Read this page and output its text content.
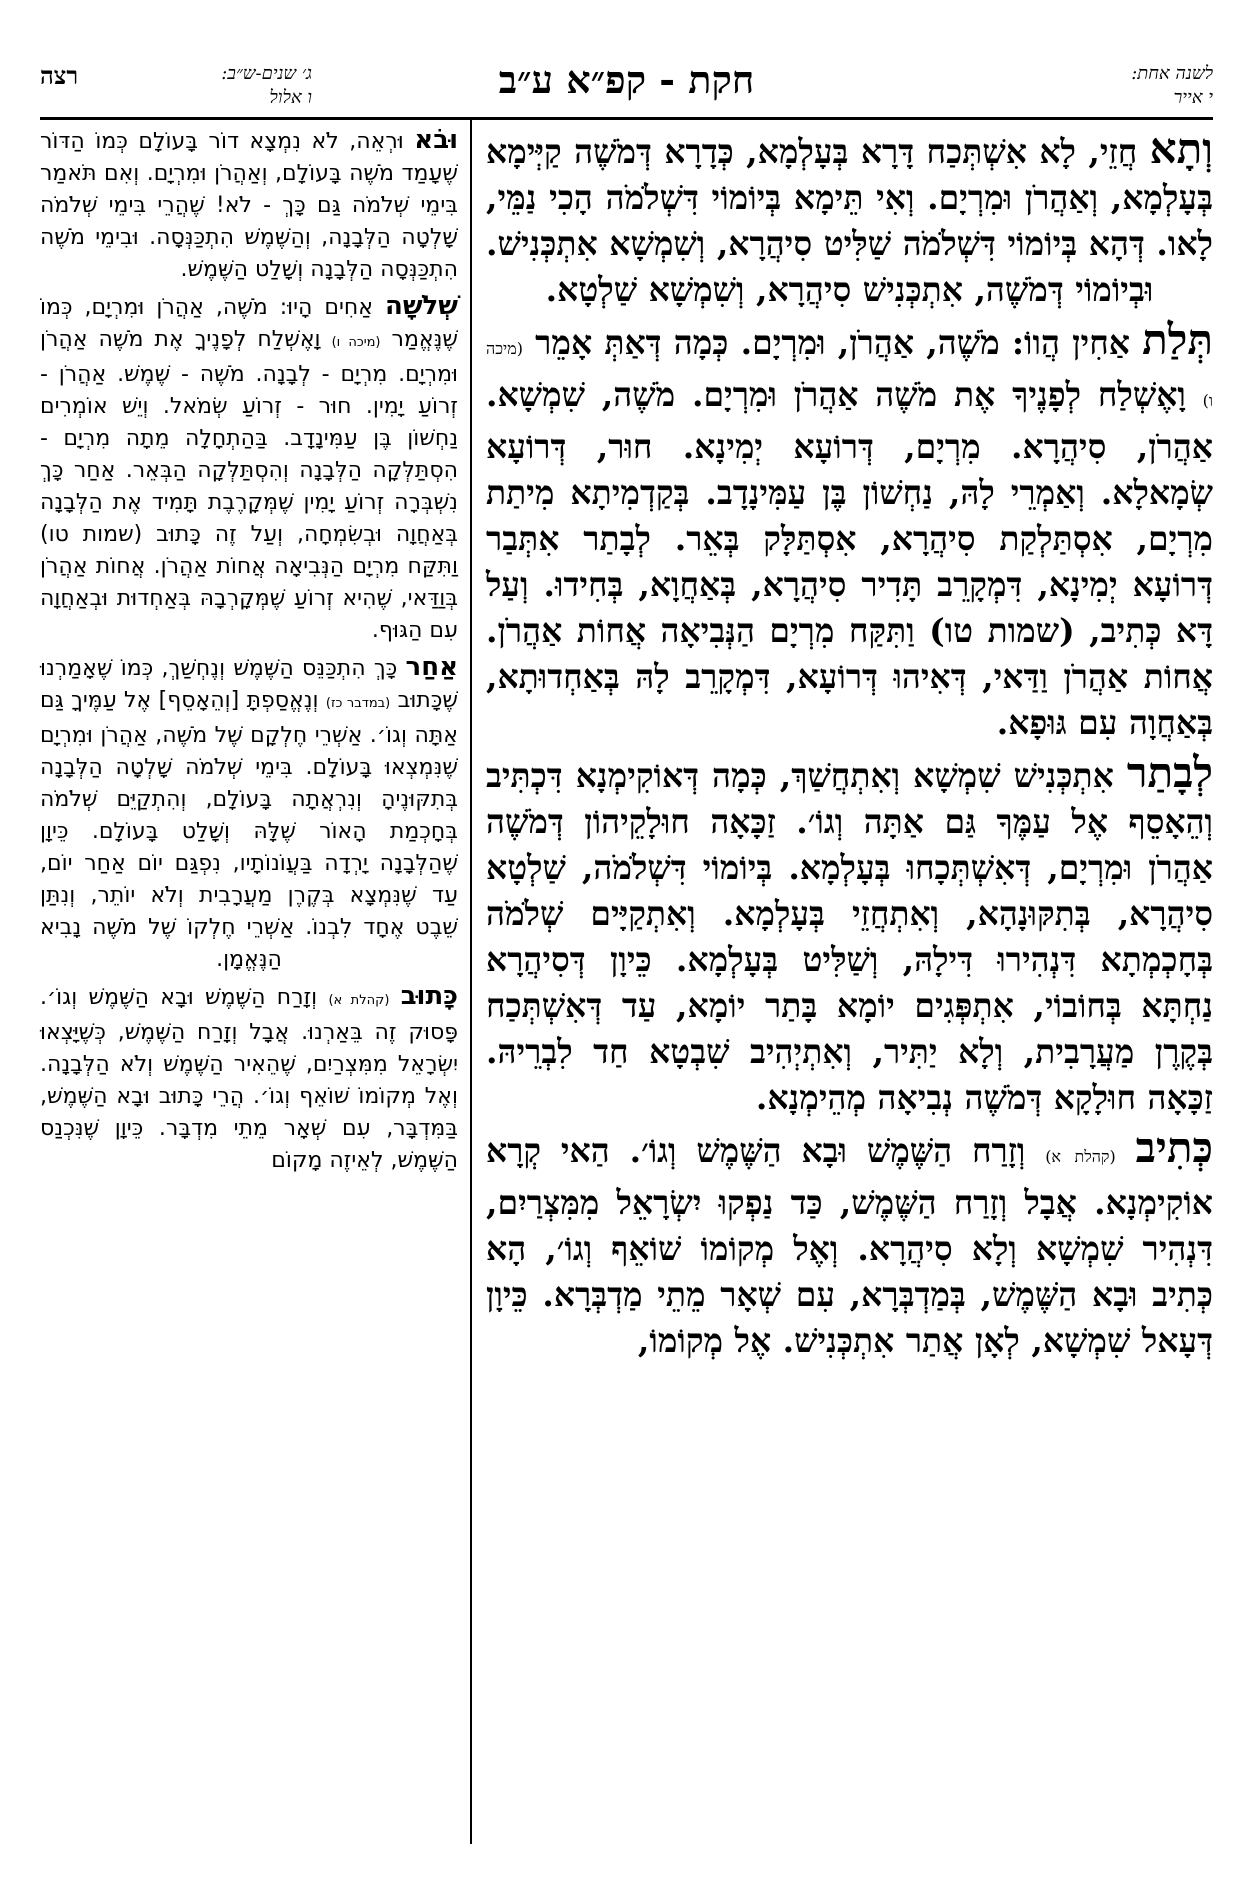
לשנה אחת:
י אייר
חקת - קפ״א ע״ב
ג׳ שנים-ש״ב:
ו אלול
רצה

וְתָא חֲזֵי, לָא אִשְׁתְּכַח דָּרָא בְּעָלְמָא, כְּדָרָא דְּמֹשֶׁה קַיְּימָא בְּעָלְמָא, וְאַהֲרֹן וּמִרְיָם. וְאִי תֵּימָא בְּיוֹמוֹי דִּשְׁלֹמֹה הָכִי נַמֵּי, לָאו. דְּהָא בְּיוֹמוֹי דִּשְׁלֹמֹה שַׁלִּיט סִיהֲרָא, וְשִׁמְשָׁא אִתְכְּנִישׁ. וּבְיוֹמוֹי דְּמֹשֶׁה, אִתְכְּנִישׁ סִיהֲרָא, וְשִׁמְשָׁא שַׁלְטָא.

תְּלַת אַחִין הֲווֹ: מֹשֶׁה, אַהֲרֹן, וּמִרְיָם. כְּמָה דְּאַתְּ אָמֵר (מיכה ו) וָאֶשְׁלַח לְפָנֶיךָ אֶת מֹשֶׁה אַהֲרֹן וּמִרְיָם. מֹשֶׁה, שִׁמְשָׁא. אַהֲרֹן, סִיהֲרָא. מִרְיָם, דְּרוֹעָא יְמִינָא. חוּר, דְּרוֹעָא שְׂמָאלָא. וְאַמְרֵי לָהּ, נַחְשׁוֹן בֶּן עַמִּינָדָב. בְּקַדְמִיתָא מִיתַת מִרְיָם, אִסְתַּלְקַת סִיהֲרָא, אִסְתַּלָּק בְּאֵר. לְבָתַר אִתְּבַר דְּרוֹעָא יְמִינָא, דִּמְקָרֵב תָּדִיר סִיהֲרָא, בְּאַחֲוָא, בְּחִידוּ. וְעַל דָּא כְּתִיב, (שמות טו) וַתִּקַּח מִרְיָם הַנְּבִיאָה אֲחוֹת אַהֲרֹן. אֲחוֹת אַהֲרֹן וַדַּאי, דְּאִיהוּ דְּרוֹעָא, דִּמְקָרֵב לָהּ בְּאַחְדוּתָא, בְּאַחֲוָה עִם גּוּפָא.

לְבָתַר אִתְכְּנִישׁ שִׁמְשָׁא וְאִתְחֲשַׁךְ, כְּמָה דְּאוֹקִימְנָא דִּכְתִּיב וְהֵאָסֵף אֶל עַמֶּךָ גַּם אַתָּה וְגוֹ׳. זַכָּאָה חוּלָקֵיהוֹן דְּמֹשֶׁה אַהֲרֹן וּמִרְיָם, דְּאִשְׁתְּכָחוּ בְּעָלְמָא. בְּיוֹמוֹי דִּשְׁלֹמֹה, שַׁלְטָא סִיהֲרָא, בְּתִקּוּנָהָא, וְאִתְחֲזֵי בְּעָלְמָא. וְאִתְקַיָּים שְׁלֹמֹה בְּחָכְמְתָא דִּנְהִירוּ דִּילָהּ, וְשַׁלִּיט בְּעָלְמָא. כֵּיוָן דְּסִיהֲרָא נַחְתָּא בְּחוֹבוֹי, אִתְפְּגִים יוֹמָא בָּתַר יוֹמָא, עַד דְּאִשְׁתְּכַח בְּקֶרֶן מַעֲרָבִית, וְלָא יַתִּיר, וְאִתְיְהִיב שִׁבְטָא חַד לִבְרֵיהּ. זַכָּאָה חוּלָקָא דְּמֹשֶׁה נְבִיאָה מְהֵימְנָא.

כְּתִיב (קהלת א) וְזָרַח הַשֶּׁמֶשׁ וּבָא הַשֶּׁמֶשׁ וְגוֹ׳. הַאי קְרָא אוֹקִימְנָא. אֲבָל וְזָרַח הַשֶּׁמֶשׁ, כַּד נַפְקוּ יִשְׂרָאֵל מִמִּצְרַיִם, דִּנְהִיר שִׁמְשָׁא וְלָא סִיהֲרָא. וְאֶל מְקוֹמוֹ שׁוֹאֵף וְגוֹ׳, הָא כְּתִיב וּבָא הַשֶּׁמֶשׁ, בְּמַדְבְּרָא, עִם שְׁאָר מֵתֵי מַדְבְּרָא. כֵּיוָן דְּעָאל שִׁמְשָׁא, לְאָן אֲתַר אִתְכְּנִישׁ. אֶל מְקוֹמוֹ,

וּבֹא וּרְאֵה, לֹא נִמְצָא דוֹר בָּעוֹלָם כְּמוֹ הַדּוֹר שֶׁעָמַד מֹשֶׁה בָּעוֹלָם, וְאַהֲרֹן וּמִרְיָם. וְאִם תֹּאמַר בִּימֵי שְׁלֹמֹה גַּם כָּךְ - לֹא! שֶׁהֲרֵי בִּימֵי שְׁלֹמֹה שָׁלְטָה הַלְּבָנָה, וְהַשֶּׁמֶשׁ הִתְכַּנְּסָה. וּבִימֵי מֹשֶׁה הִתְכַּנְּסָה הַלְּבָנָה וְשָׁלַט הַשֶּׁמֶשׁ.

שְׁלֹשָׁה אַחִים הָיוּ: מֹשֶׁה, אַהֲרֹן וּמִרְיָם, כְּמוֹ שֶׁנֶּאֱמַר (מיכה ו) וָאֶשְׁלַח לְפָנֶיךָ אֶת מֹשֶׁה אַהֲרֹן וּמִרְיָם. מִרְיָם - לְבָנָה. מֹשֶׁה - שֶׁמֶשׁ. אַהֲרֹן - זְרוֹעַ יָמִין. חוּר - זְרוֹעַ שְׂמֹאל. וְיֵשׁ אוֹמְרִים נַחְשׁוֹן בֶּן עַמִּינָדָב. בַּהַתְחָלָה מֵתָה מִרְיָם - הִסְתַּלְּקָה הַלְּבָנָה וְהִסְתַּלְּקָה הַבְּאֵר. אַחַר כָּךְ נִשְׁבְּרָה זְרוֹעַ יָמִין שֶׁמְּקָרֶבֶת תָּמִיד אֶת הַלְּבָנָה בְּאַחֲוָה וּבְשִׂמְחָה, וְעַל זֶה כָּתוּב (שמות טו) וַתִּקַּח מִרְיָם הַנְּבִיאָה אֲחוֹת אַהֲרֹן. אֲחוֹת אַהֲרֹן בְּוַדַּאי, שֶׁהִיא זְרוֹעַ שֶׁמְּקָרְבָהּ בְּאַחְדוּת וּבְאַחֲוָה עִם הַגּוּף.

אַחַר כָּךְ הִתְכַּנֵּס הַשֶּׁמֶשׁ וְנֶחְשַׁךְ, כְּמוֹ שֶׁאָמַרְנוּ שֶׁכָּתוּב (במדבר כז) וְנֶאֱסַפְתָּ [וְהֵאָסֵף] אֶל עַמֶּיךָ גַּם אַתָּה וְגוֹ׳. אַשְׁרֵי חֶלְקָם שֶׁל מֹשֶׁה, אַהֲרֹן וּמִרְיָם שֶׁנִּמְצְאוּ בָּעוֹלָם. בִּימֵי שְׁלֹמֹה שָׁלְטָה הַלְּבָנָה בְּתִקּוּנֶיהָ וְנִרְאֲתָה בָּעוֹלָם, וְהִתְקַיֵּם שְׁלֹמֹה בְּחָכְמַת הָאוֹר שֶׁלָּהּ וְשָׁלַט בָּעוֹלָם. כֵּיוָן שֶׁהַלְּבָנָה יָרְדָה בַּעֲוֺנוֹתָיו, נִפְגַּם יוֹם אַחַר יוֹם, עַד שֶׁנִּמְצָא בְּקֶרֶן מַעֲרָבִית וְלֹא יוֹתֵר, וְנִתַּן שֵׁבֶט אֶחָד לִבְנוֹ. אַשְׁרֵי חֶלְקוֹ שֶׁל מֹשֶׁה נָבִיא הַנֶּאֱמָן.

כָּתוּב (קהלת א) וְזָרַח הַשֶּׁמֶשׁ וּבָא הַשֶּׁמֶשׁ וְגוֹ׳. פָּסוּק זֶה בֵּאַרְנוּ. אֲבָל וְזָרַח הַשֶּׁמֶשׁ, כְּשֶׁיָּצְאוּ יִשְׂרָאֵל מִמִּצְרַיִם, שֶׁהֵאִיר הַשֶּׁמֶשׁ וְלֹא הַלְּבָנָה. וְאֶל מְקוֹמוֹ שׁוֹאֵף וְגוֹ׳. הֲרֵי כָּתוּב וּבָא הַשֶּׁמֶשׁ, בַּמִּדְבָּר, עִם שְׁאָר מֵתֵי מִדְבָּר. כֵּיוָן שֶׁנִּכְנַס הַשֶּׁמֶשׁ, לְאֵיזֶה מָקוֹם
